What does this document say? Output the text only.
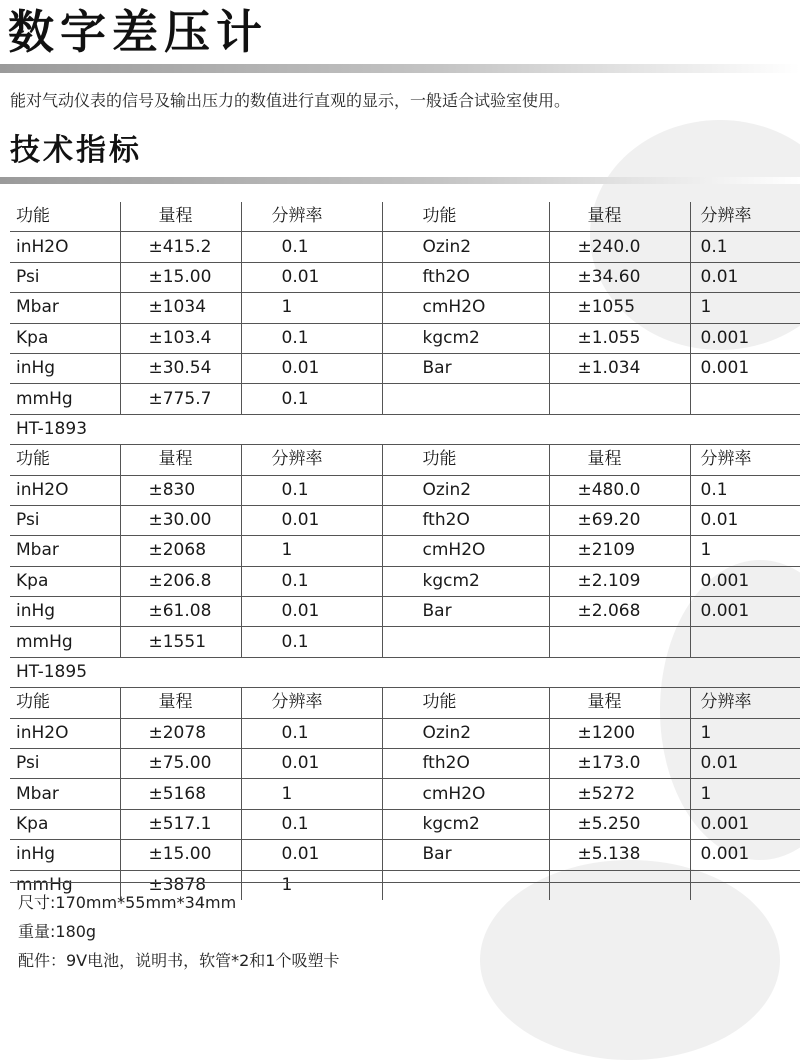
数字差压计
能对气动仪表的信号及输出压力的数值进行直观的显示，一般适合试验室使用。
技术指标
功能	量程	分辨率	功能	量程	分辨率
inH2O	±415.2	0.1	Ozin2	±240.0	0.1
Psi	±15.00	0.01	fth2O	±34.60	0.01
Mbar	±1034	1	cmH2O	±1055	1
Kpa	±103.4	0.1	kgcm2	±1.055	0.001
inHg	±30.54	0.01	Bar	±1.034	0.001
mmHg	±775.7	0.1			
HT-1893					
功能	量程	分辨率	功能	量程	分辨率
inH2O	±830	0.1	Ozin2	±480.0	0.1
Psi	±30.00	0.01	fth2O	±69.20	0.01
Mbar	±2068	1	cmH2O	±2109	1
Kpa	±206.8	0.1	kgcm2	±2.109	0.001
inHg	±61.08	0.01	Bar	±2.068	0.001
mmHg	±1551	0.1			
HT-1895					
功能	量程	分辨率	功能	量程	分辨率
inH2O	±2078	0.1	Ozin2	±1200	1
Psi	±75.00	0.01	fth2O	±173.0	0.01
Mbar	±5168	1	cmH2O	±5272	1
Kpa	±517.1	0.1	kgcm2	±5.250	0.001
inHg	±15.00	0.01	Bar	±5.138	0.001
mmHg	±3878	1			
尺寸:170mm*55mm*34mm
重量:180g
配件：9V电池，说明书，软管*2和1个吸塑卡
